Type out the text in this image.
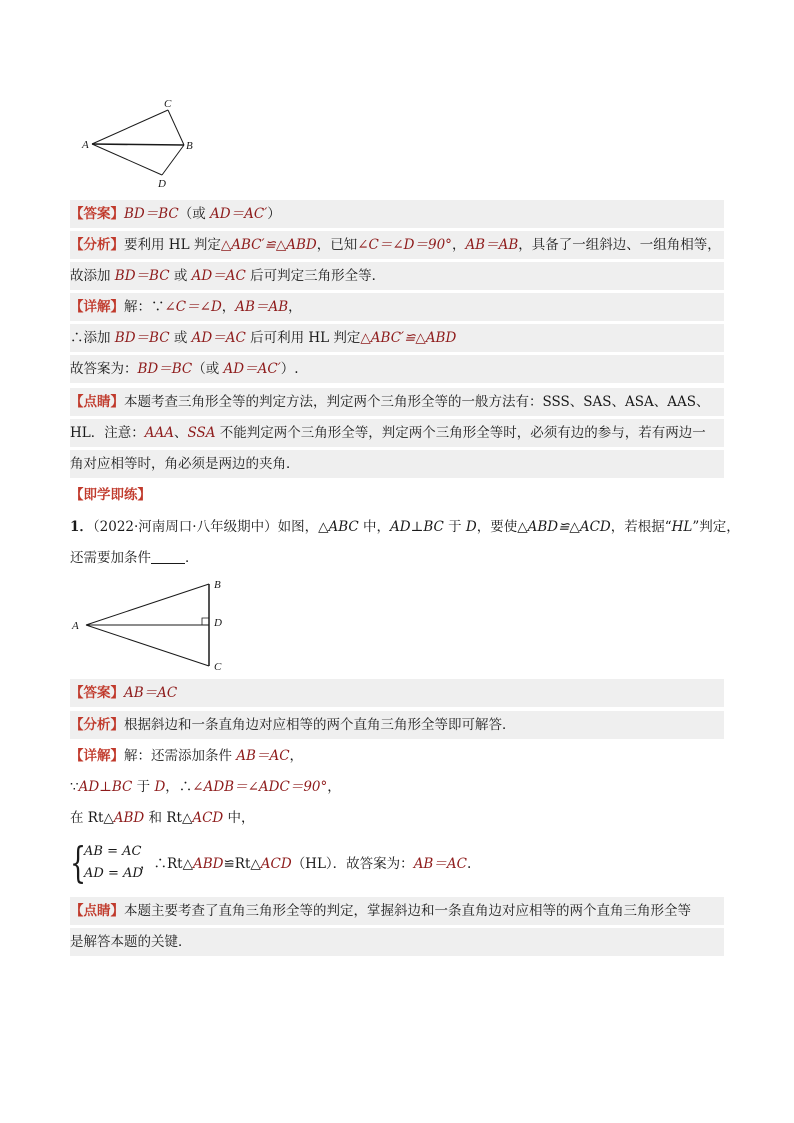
A
C
B
D
【答案】BD＝BC（或 AD＝AC′）
【分析】要利用 HL 判定△ABC′≌△ABD，已知∠C＝∠D＝90°，AB＝AB，具备了一组斜边、一组角相等，
故添加 BD＝BC 或 AD＝AC 后可判定三角形全等．
【详解】解：∵∠C＝∠D，AB＝AB，
∴添加 BD＝BC 或 AD＝AC 后可利用 HL 判定△ABC′≌△ABD
故答案为：BD＝BC（或 AD＝AC′）.
【点睛】本题考查三角形全等的判定方法，判定两个三角形全等的一般方法有：SSS、SAS、ASA、AAS、
HL．注意：AAA、SSA 不能判定两个三角形全等，判定两个三角形全等时，必须有边的参与，若有两边一
角对应相等时，角必须是两边的夹角．
【即学即练】
1．（2022·河南周口·八年级期中）如图，△ABC 中，AD⊥BC 于 D，要使△ABD≌△ACD，若根据“HL”判定，
还需要加条件	．
A
B
D
C
【答案】AB＝AC
【分析】根据斜边和一条直角边对应相等的两个直角三角形全等即可解答．
【详解】解：还需添加条件 AB＝AC，
∵AD⊥BC 于 D，∴∠ADB＝∠ADC＝90°，
在 Rt△ABD 和 Rt△ACD 中，
{
AB = AC
AD = AD
，∴Rt△ABD≌Rt△ACD（HL）．故答案为：AB＝AC.
【点睛】本题主要考查了直角三角形全等的判定，掌握斜边和一条直角边对应相等的两个直角三角形全等
是解答本题的关键．
